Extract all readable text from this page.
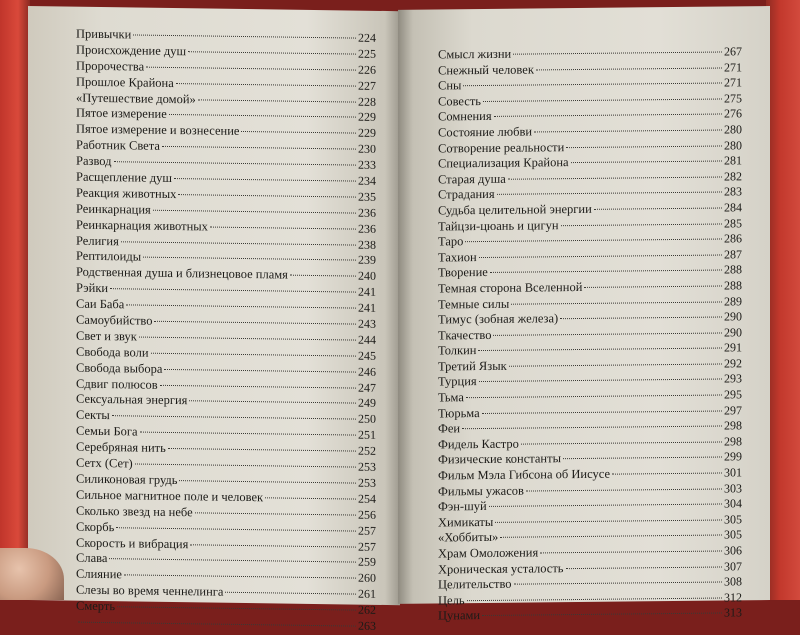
Привычки	224
Происхождение душ	225
Пророчества	226
Прошлое Крайона	227
«Путешествие домой»	228
Пятое измерение	229
Пятое измерение и вознесение	229
Работник Света	230
Развод	233
Расщепление душ	234
Реакция животных	235
Реинкарнация	236
Реинкарнация животных	236
Религия	238
Рептилоиды	239
Родственная душа и близнецовое пламя	240
Рэйки	241
Саи Баба	241
Самоубийство	243
Свет и звук	244
Свобода воли	245
Свобода выбора	246
Сдвиг полюсов	247
Сексуальная энергия	249
Секты	250
Семьи Бога	251
Серебряная нить	252
Сетх (Сет)	253
Силиконовая грудь	253
Сильное магнитное поле и человек	254
Сколько звезд на небе	256
Скорбь	257
Скорость и вибрация	257
Слава	259
Слияние	260
Слезы во время ченнелинга	261
Смерть	262
263
Смысл жизни	267
Снежный человек	271
Сны	271
Совесть	275
Сомнения	276
Состояние любви	280
Сотворение реальности	280
Специализация Крайона	281
Старая душа	282
Страдания	283
Судьба целительной энергии	284
Тайцзи-цюань и цигун	285
Таро	286
Тахион	287
Творение	288
Темная сторона Вселенной	288
Темные силы	289
Тимус (зобная железа)	290
Ткачество	290
Толкин	291
Третий Язык	292
Турция	293
Тьма	295
Тюрьма	297
Феи	298
Фидель Кастро	298
Физические константы	299
Фильм Мэла Гибсона об Иисусе	301
Фильмы ужасов	303
Фэн-шуй	304
Химикаты	305
«Хоббиты»	305
Храм Омоложения	306
Хроническая усталость	307
Целительство	308
Цель	312
Цунами	313
